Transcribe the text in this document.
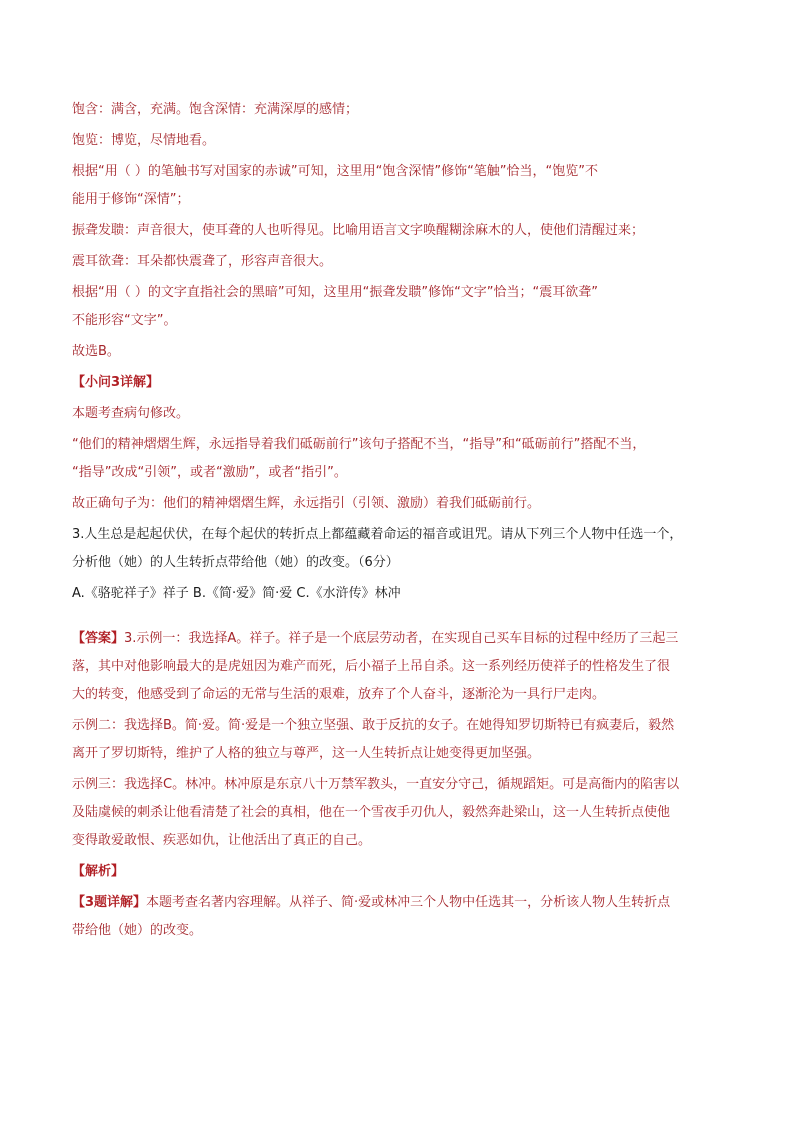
饱含：满含，充满。饱含深情：充满深厚的感情；

饱览：博览，尽情地看。

根据“用（ ）的笔触书写对国家的赤诚”可知，这里用“饱含深情”修饰“笔触”恰当，“饱览”不

能用于修饰“深情”；

振聋发聩：声音很大，使耳聋的人也听得见。比喻用语言文字唤醒糊涂麻木的人，使他们清醒过来；

震耳欲聋：耳朵都快震聋了，形容声音很大。

根据“用（ ）的文字直指社会的黑暗”可知，这里用“振聋发聩”修饰“文字”恰当；“震耳欲聋”

不能形容“文字”。

故选B。

【小问3详解】

本题考查病句修改。

“他们的精神熠熠生辉，永远指导着我们砥砺前行”该句子搭配不当，“指导”和“砥砺前行”搭配不当，

“指导”改成“引领”，或者“激励”，或者“指引”。

故正确句子为：他们的精神熠熠生辉，永远指引（引领、激励）着我们砥砺前行。

3.人生总是起起伏伏，在每个起伏的转折点上都蕴藏着命运的福音或诅咒。请从下列三个人物中任选一个，

分析他（她）的人生转折点带给他（她）的改变。（6分）

A.《骆驼祥子》祥子 B.《简·爱》简·爱 C.《水浒传》林冲

【答案】3.示例一：我选择A。祥子。祥子是一个底层劳动者，在实现自己买车目标的过程中经历了三起三

落，其中对他影响最大的是虎妞因为难产而死，后小福子上吊自杀。这一系列经历使祥子的性格发生了很

大的转变，他感受到了命运的无常与生活的艰难，放弃了个人奋斗，逐渐沦为一具行尸走肉。

示例二：我选择B。简·爱。简·爱是一个独立坚强、敢于反抗的女子。在她得知罗切斯特已有疯妻后，毅然

离开了罗切斯特，维护了人格的独立与尊严，这一人生转折点让她变得更加坚强。

示例三：我选择C。林冲。林冲原是东京八十万禁军教头，一直安分守己，循规蹈矩。可是高衙内的陷害以

及陆虞候的刺杀让他看清楚了社会的真相，他在一个雪夜手刃仇人，毅然奔赴梁山，这一人生转折点使他

变得敢爱敢恨、疾恶如仇，让他活出了真正的自己。

【解析】

【3题详解】本题考查名著内容理解。从祥子、简·爱或林冲三个人物中任选其一，分析该人物人生转折点

带给他（她）的改变。
